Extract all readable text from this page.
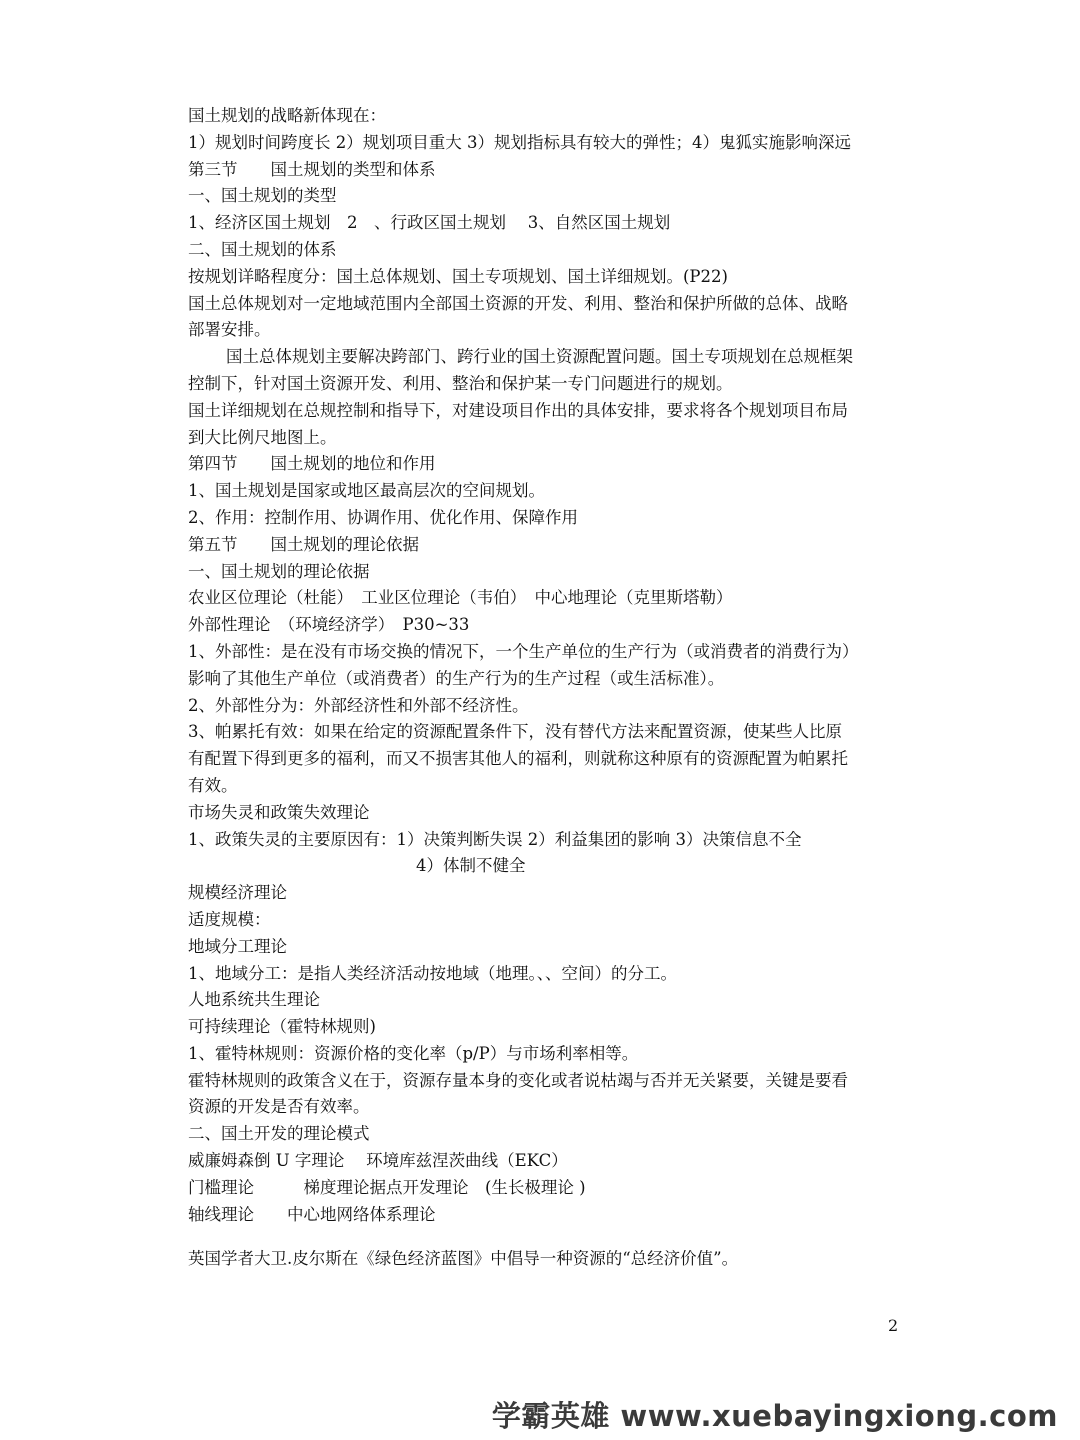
国土规划的战略新体现在：
1）规划时间跨度长 2）规划项目重大 3）规划指标具有较大的弹性；4）鬼狐实施影响深远
第三节　　国土规划的类型和体系
一、国土规划的类型
1、经济区国土规划　2　、行政区国土规划　 3、自然区国土规划
二、国土规划的体系
按规划详略程度分：国土总体规划、国土专项规划、国土详细规划。(P22)
国土总体规划对一定地域范围内全部国土资源的开发、利用、整治和保护所做的总体、战略
部署安排。
国土总体规划主要解决跨部门、跨行业的国土资源配置问题。国土专项规划在总规框架
控制下，针对国土资源开发、利用、整治和保护某一专门问题进行的规划。
国土详细规划在总规控制和指导下，对建设项目作出的具体安排，要求将各个规划项目布局
到大比例尺地图上。
第四节　　国土规划的地位和作用
1、国土规划是国家或地区最高层次的空间规划。
2、作用：控制作用、协调作用、优化作用、保障作用
第五节　　国土规划的理论依据
一、国土规划的理论依据
农业区位理论（杜能）　工业区位理论（韦伯）　中心地理论（克里斯塔勒）
外部性理论　（环境经济学）　P30~33
1、外部性：是在没有市场交换的情况下，一个生产单位的生产行为（或消费者的消费行为）
影响了其他生产单位（或消费者）的生产行为的生产过程（或生活标准）。
2、外部性分为：外部经济性和外部不经济性。
3、帕累托有效：如果在给定的资源配置条件下，没有替代方法来配置资源，使某些人比原
有配置下得到更多的福利，而又不损害其他人的福利，则就称这种原有的资源配置为帕累托
有效。
市场失灵和政策失效理论
1、政策失灵的主要原因有：1）决策判断失误 2）利益集团的影响 3）决策信息不全
4）体制不健全
规模经济理论
适度规模：
地域分工理论
1、地域分工：是指人类经济活动按地域（地理。、、空间）的分工。
人地系统共生理论
可持续理论（霍特林规则)
1、霍特林规则：资源价格的变化率（p/P）与市场利率相等。
霍特林规则的政策含义在于，资源存量本身的变化或者说枯竭与否并无关紧要，关键是要看
资源的开发是否有效率。
二、国土开发的理论模式
威廉姆森倒 U 字理论　 环境库兹涅茨曲线（EKC）
门槛理论　　　梯度理论据点开发理论　(生长极理论 )
轴线理论　　中心地网络体系理论
英国学者大卫.皮尔斯在《绿色经济蓝图》中倡导一种资源的“总经济价值”。
2
学霸英雄 www.xuebayingxiong.com
